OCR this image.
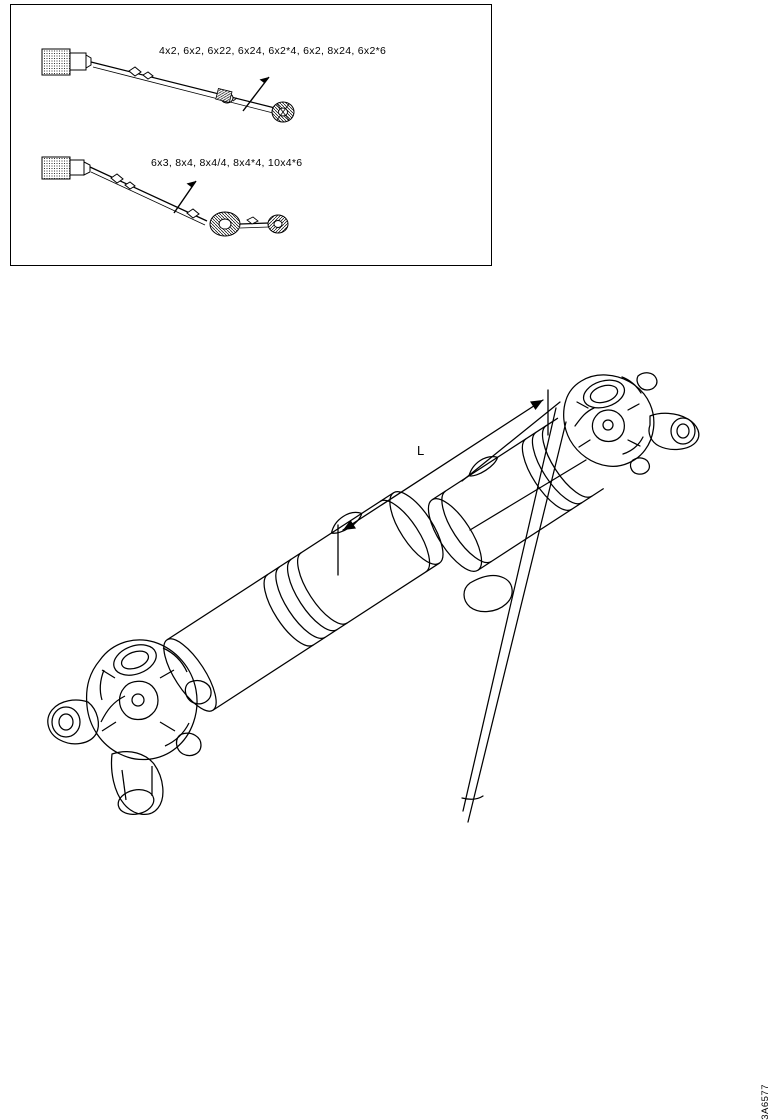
4x2, 6x2, 6x22, 6x24, 6x2*4, 6x2, 8x24, 6x2*6
6x3, 8x4, 8x4/4, 8x4*4, 10x4*6
L
3A6577
